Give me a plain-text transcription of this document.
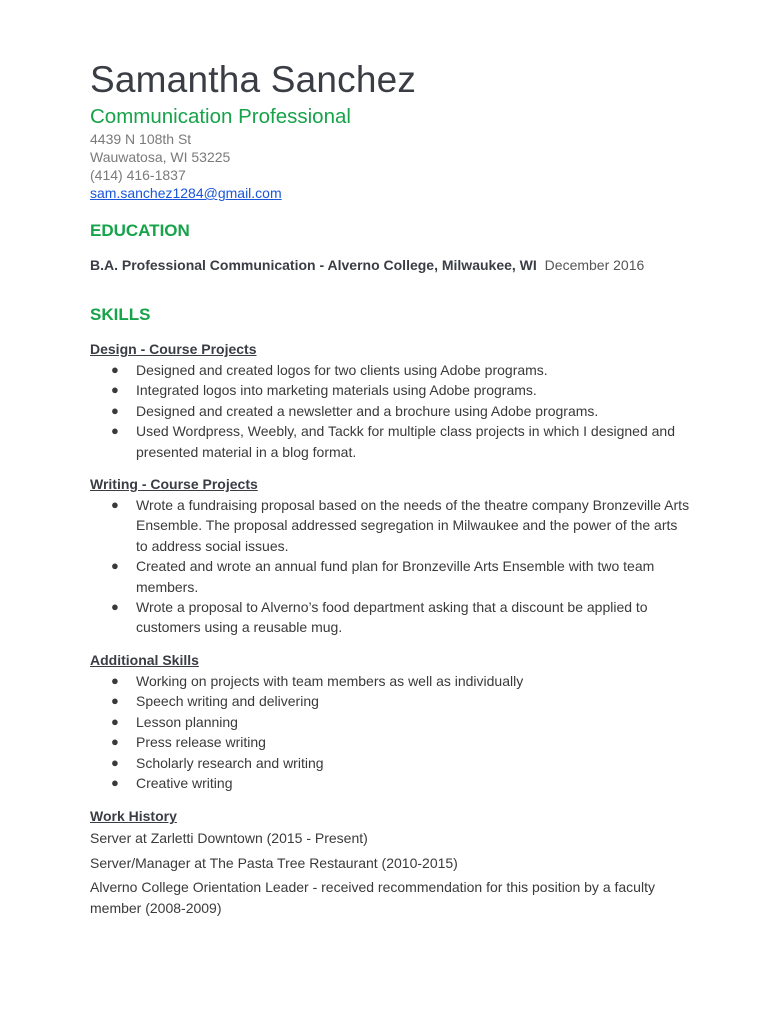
Samantha Sanchez
Communication Professional
4439 N 108th St
Wauwatosa, WI 53225
(414) 416-1837
sam.sanchez1284@gmail.com
EDUCATION
B.A. Professional Communication - Alverno College, Milwaukee, WI December 2016
SKILLS
Design - Course Projects
● Designed and created logos for two clients using Adobe programs.
● Integrated logos into marketing materials using Adobe programs.
● Designed and created a newsletter and a brochure using Adobe programs.
● Used Wordpress, Weebly, and Tackk for multiple class projects in which I designed and presented material in a blog format.
Writing - Course Projects
● Wrote a fundraising proposal based on the needs of the theatre company Bronzeville Arts Ensemble. The proposal addressed segregation in Milwaukee and the power of the arts to address social issues.
● Created and wrote an annual fund plan for Bronzeville Arts Ensemble with two team members.
● Wrote a proposal to Alverno’s food department asking that a discount be applied to customers using a reusable mug.
Additional Skills
● Working on projects with team members as well as individually
● Speech writing and delivering
● Lesson planning
● Press release writing
● Scholarly research and writing
● Creative writing
Work History
Server at Zarletti Downtown (2015 - Present)
Server/Manager at The Pasta Tree Restaurant (2010-2015)
Alverno College Orientation Leader - received recommendation for this position by a faculty member (2008-2009)
